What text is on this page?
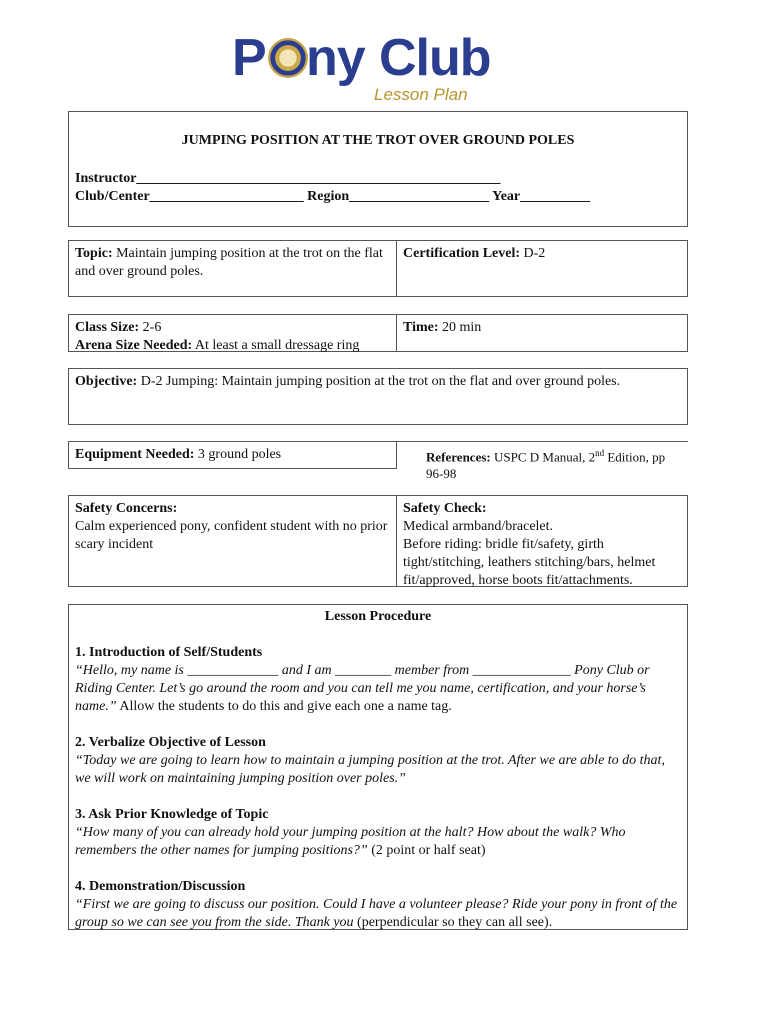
P ny Club
Lesson Plan
JUMPING POSITION AT THE TROT OVER GROUND POLES
Instructor____________________________________________________
Club/Center______________________ Region____________________ Year__________
Topic: Maintain jumping position at the trot on the flat and over ground poles.
Certification Level: D-2
Class Size: 2-6
Arena Size Needed: At least a small dressage ring
Time: 20 min
Objective: D-2 Jumping: Maintain jumping position at the trot on the flat and over ground poles.
Equipment Needed: 3 ground poles	References: USPC D Manual, 2nd Edition, pp 96-98
Safety Concerns:
Calm experienced pony, confident student with no prior scary incident
Safety Check:
Medical armband/bracelet.
Before riding: bridle fit/safety, girth tight/stitching, leathers stitching/bars, helmet fit/approved, horse boots fit/attachments.
Lesson Procedure
1. Introduction of Self/Students
“Hello, my name is _____________ and I am ________ member from ______________ Pony Club or Riding Center. Let’s go around the room and you can tell me you name, certification, and your horse’s name.” Allow the students to do this and give each one a name tag.
2. Verbalize Objective of Lesson
“Today we are going to learn how to maintain a jumping position at the trot. After we are able to do that, we will work on maintaining jumping position over poles.”
3. Ask Prior Knowledge of Topic
“How many of you can already hold your jumping position at the halt? How about the walk? Who remembers the other names for jumping positions?” (2 point or half seat)
4. Demonstration/Discussion
“First we are going to discuss our position. Could I have a volunteer please? Ride your pony in front of the group so we can see you from the side. Thank you (perpendicular so they can all see).
